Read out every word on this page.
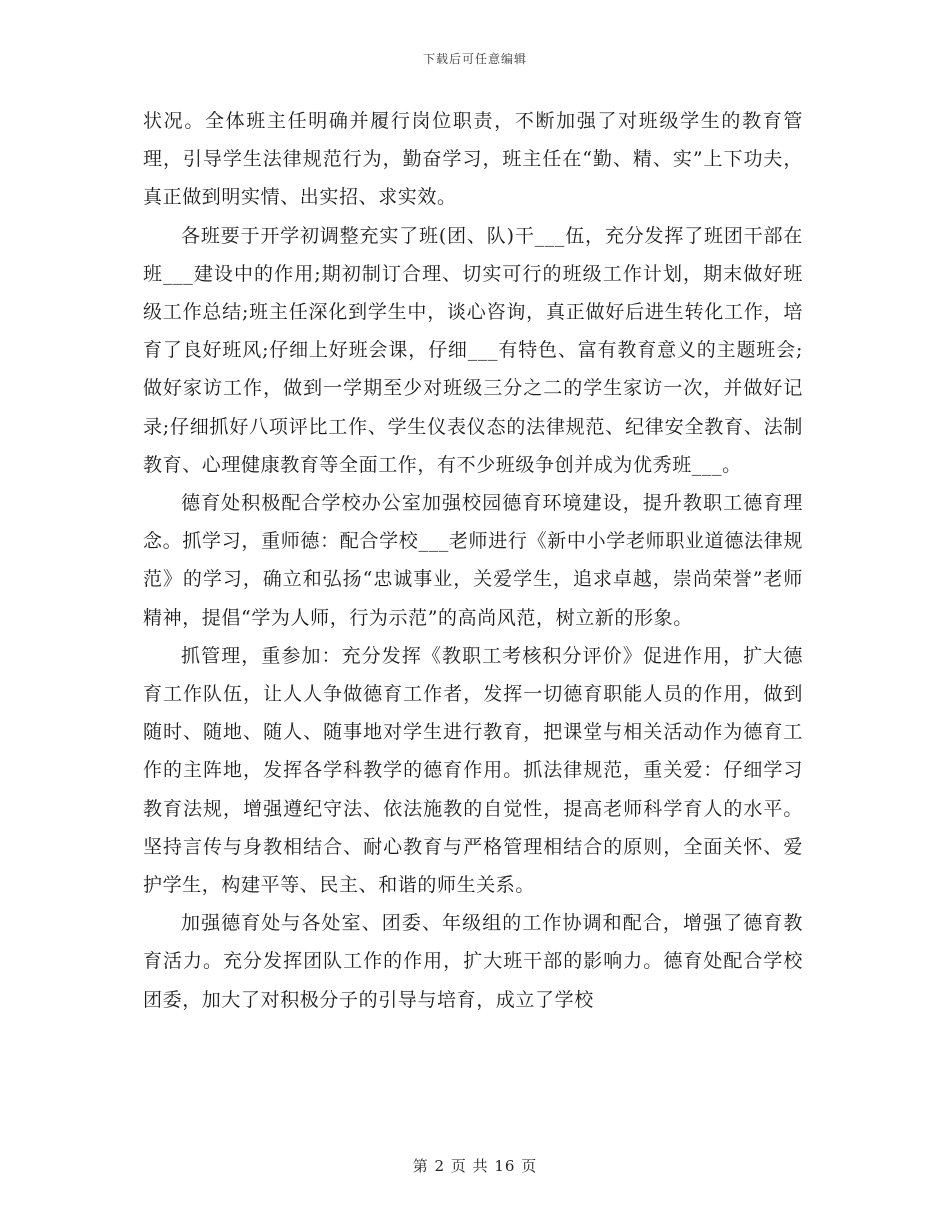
下载后可任意编辑

状况。全体班主任明确并履行岗位职责，不断加强了对班级学生的教育管理，引导学生法律规范行为，勤奋学习，班主任在“勤、精、实”上下功夫，真正做到明实情、出实招、求实效。

各班要于开学初调整充实了班(团、队)干___伍，充分发挥了班团干部在班___建设中的作用;期初制订合理、切实可行的班级工作计划，期末做好班级工作总结;班主任深化到学生中，谈心咨询，真正做好后进生转化工作，培育了良好班风;仔细上好班会课，仔细___有特色、富有教育意义的主题班会;做好家访工作，做到一学期至少对班级三分之二的学生家访一次，并做好记录;仔细抓好八项评比工作、学生仪表仪态的法律规范、纪律安全教育、法制教育、心理健康教育等全面工作，有不少班级争创并成为优秀班___。

德育处积极配合学校办公室加强校园德育环境建设，提升教职工德育理念。抓学习，重师德：配合学校___老师进行《新中小学老师职业道德法律规范》的学习，确立和弘扬“忠诚事业，关爱学生，追求卓越，崇尚荣誉”老师精神，提倡“学为人师，行为示范”的高尚风范，树立新的形象。

抓管理，重参加：充分发挥《教职工考核积分评价》促进作用，扩大德育工作队伍，让人人争做德育工作者，发挥一切德育职能人员的作用，做到随时、随地、随人、随事地对学生进行教育，把课堂与相关活动作为德育工作的主阵地，发挥各学科教学的德育作用。抓法律规范，重关爱：仔细学习教育法规，增强遵纪守法、依法施教的自觉性，提高老师科学育人的水平。坚持言传与身教相结合、耐心教育与严格管理相结合的原则，全面关怀、爱护学生，构建平等、民主、和谐的师生关系。

加强德育处与各处室、团委、年级组的工作协调和配合，增强了德育教育活力。充分发挥团队工作的作用，扩大班干部的影响力。德育处配合学校团委，加大了对积极分子的引导与培育，成立了学校

第 2 页 共 16 页
